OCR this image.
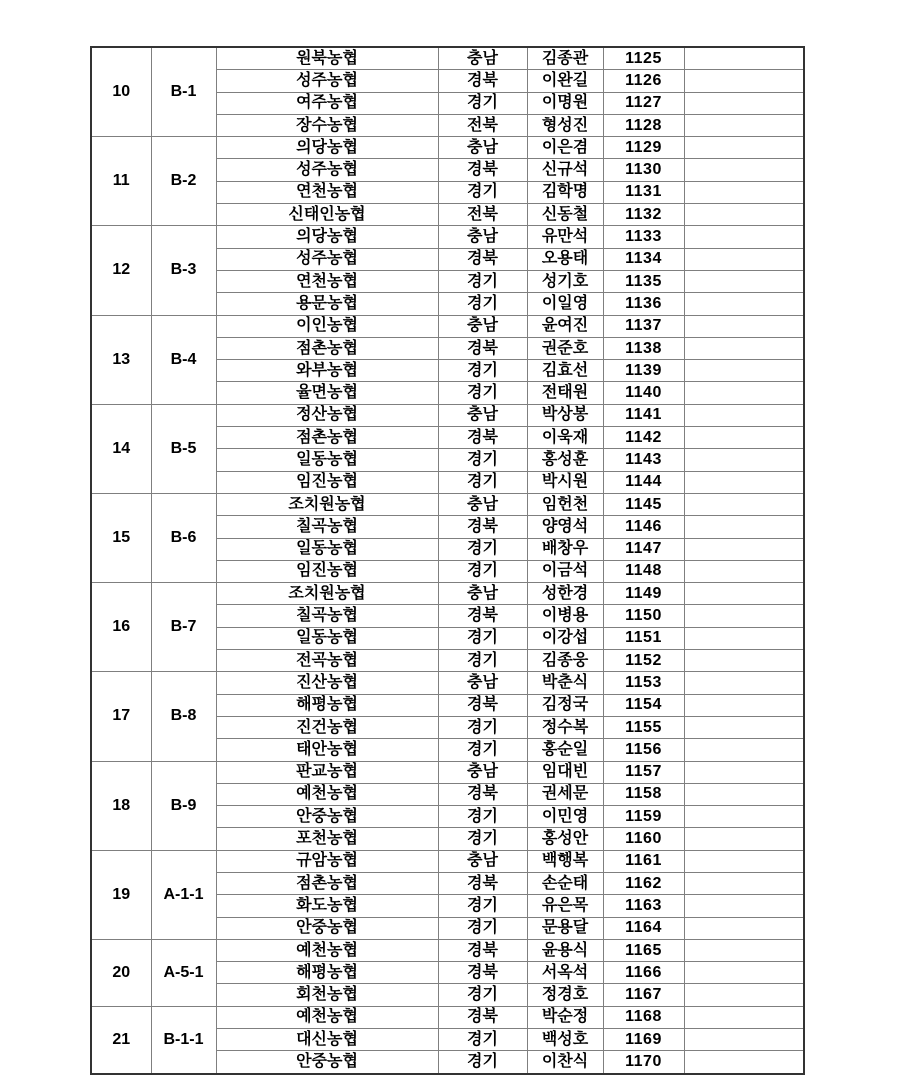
10	B-1	원북농협	충남	김종관	1125	
		성주농협	경북	이완길	1126	
		여주농협	경기	이명원	1127	
		장수농협	전북	형성진	1128	
11	B-2	의당농협	충남	이은겸	1129	
		성주농협	경북	신규석	1130	
		연천농협	경기	김학명	1131	
		신태인농협	전북	신동철	1132	
12	B-3	의당농협	충남	유만석	1133	
		성주농협	경북	오용태	1134	
		연천농협	경기	성기호	1135	
		용문농협	경기	이일영	1136	
13	B-4	이인농협	충남	윤여진	1137	
		점촌농협	경북	권준호	1138	
		와부농협	경기	김효선	1139	
		율면농협	경기	전태원	1140	
14	B-5	정산농협	충남	박상봉	1141	
		점촌농협	경북	이욱재	1142	
		일동농협	경기	홍성훈	1143	
		임진농협	경기	박시원	1144	
15	B-6	조치원농협	충남	임헌천	1145	
		칠곡농협	경북	양영석	1146	
		일동농협	경기	배창우	1147	
		임진농협	경기	이금석	1148	
16	B-7	조치원농협	충남	성한경	1149	
		칠곡농협	경북	이병용	1150	
		일동농협	경기	이강섭	1151	
		전곡농협	경기	김종웅	1152	
17	B-8	진산농협	충남	박춘식	1153	
		해평농협	경북	김정국	1154	
		진건농협	경기	정수복	1155	
		태안농협	경기	홍순일	1156	
18	B-9	판교농협	충남	임대빈	1157	
		예천농협	경북	권세문	1158	
		안중농협	경기	이민영	1159	
		포천농협	경기	홍성안	1160	
19	A-1-1	규암농협	충남	백행복	1161	
		점촌농협	경북	손순태	1162	
		화도농협	경기	유은목	1163	
		안중농협	경기	문용달	1164	
20	A-5-1	예천농협	경북	윤용식	1165	
		해평농협	경북	서옥석	1166	
		회천농협	경기	정경호	1167	
21	B-1-1	예천농협	경북	박순정	1168	
		대신농협	경기	백성호	1169	
		안중농협	경기	이찬식	1170	
